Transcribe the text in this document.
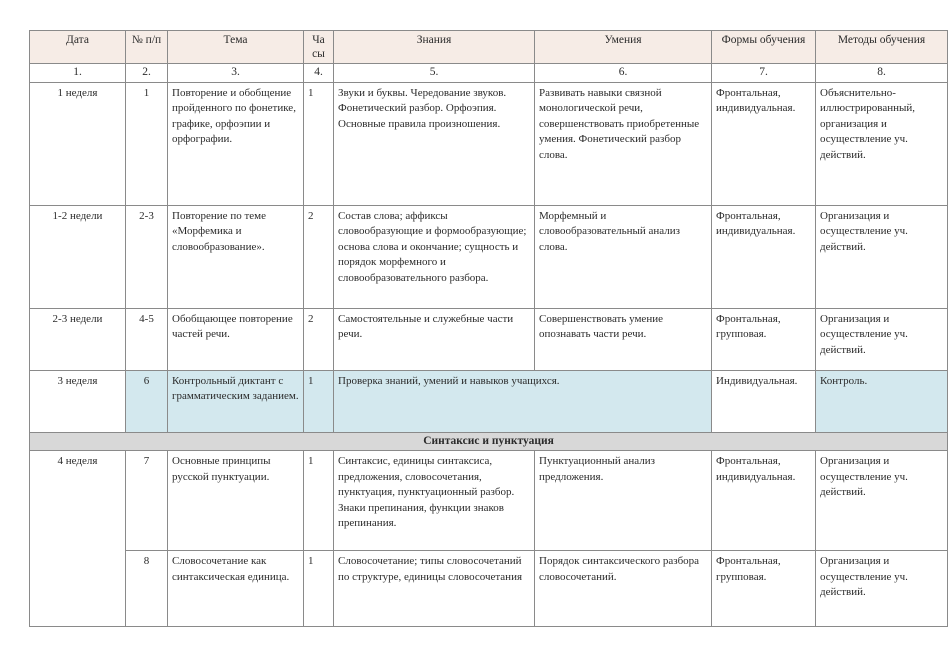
Дата	№ п/п	Тема	Ча сы	Знания	Умения	Формы обучения	Методы обучения
1.	2.	3.	4.	5.	6.	7.	8.
1 неделя	1	Повторение и обобщение пройденного по фонетике, графике, орфоэпии и орфографии.	1	Звуки и буквы. Чередование звуков. Фонетический разбор. Орфоэпия. Основные правила произношения.	Развивать навыки связной монологической речи, совершенствовать приобретенные умения. Фонетический разбор слова.	Фронтальная, индивидуальная.	Объяснительно-иллюстрированный, организация и осуществление уч. действий.
1-2 недели	2-3	Повторение по теме «Морфемика и словообразование».	2	Состав слова; аффиксы словообразующие и формообразующие; основа слова и окончание; сущность и порядок морфемного и словообразовательного разбора.	Морфемный и словообразовательный анализ слова.	Фронтальная, индивидуальная.	Организация и осуществление уч. действий.
2-3 недели	4-5	Обобщающее повторение частей речи.	2	Самостоятельные и служебные части речи.	Совершенствовать умение опознавать части речи.	Фронтальная, групповая.	Организация и осуществление уч. действий.
3 неделя	6	Контрольный диктант с грамматическим заданием.	1	Проверка знаний, умений и навыков учащихся.		Индивидуальная.	Контроль.
Синтаксис и пунктуация							
4 неделя	7	Основные принципы русской пунктуации.	1	Синтаксис, единицы синтаксиса, предложения, словосочетания, пунктуация, пунктуационный разбор. Знаки препинания, функции знаков препинания.	Пунктуационный анализ предложения.	Фронтальная, индивидуальная.	Организация и осуществление уч. действий.
	8	Словосочетание как синтаксическая единица.	1	Словосочетание; типы словосочетаний по структуре, единицы словосочетания	Порядок синтаксического разбора словосочетаний.	Фронтальная, групповая.	Организация и осуществление уч. действий.
